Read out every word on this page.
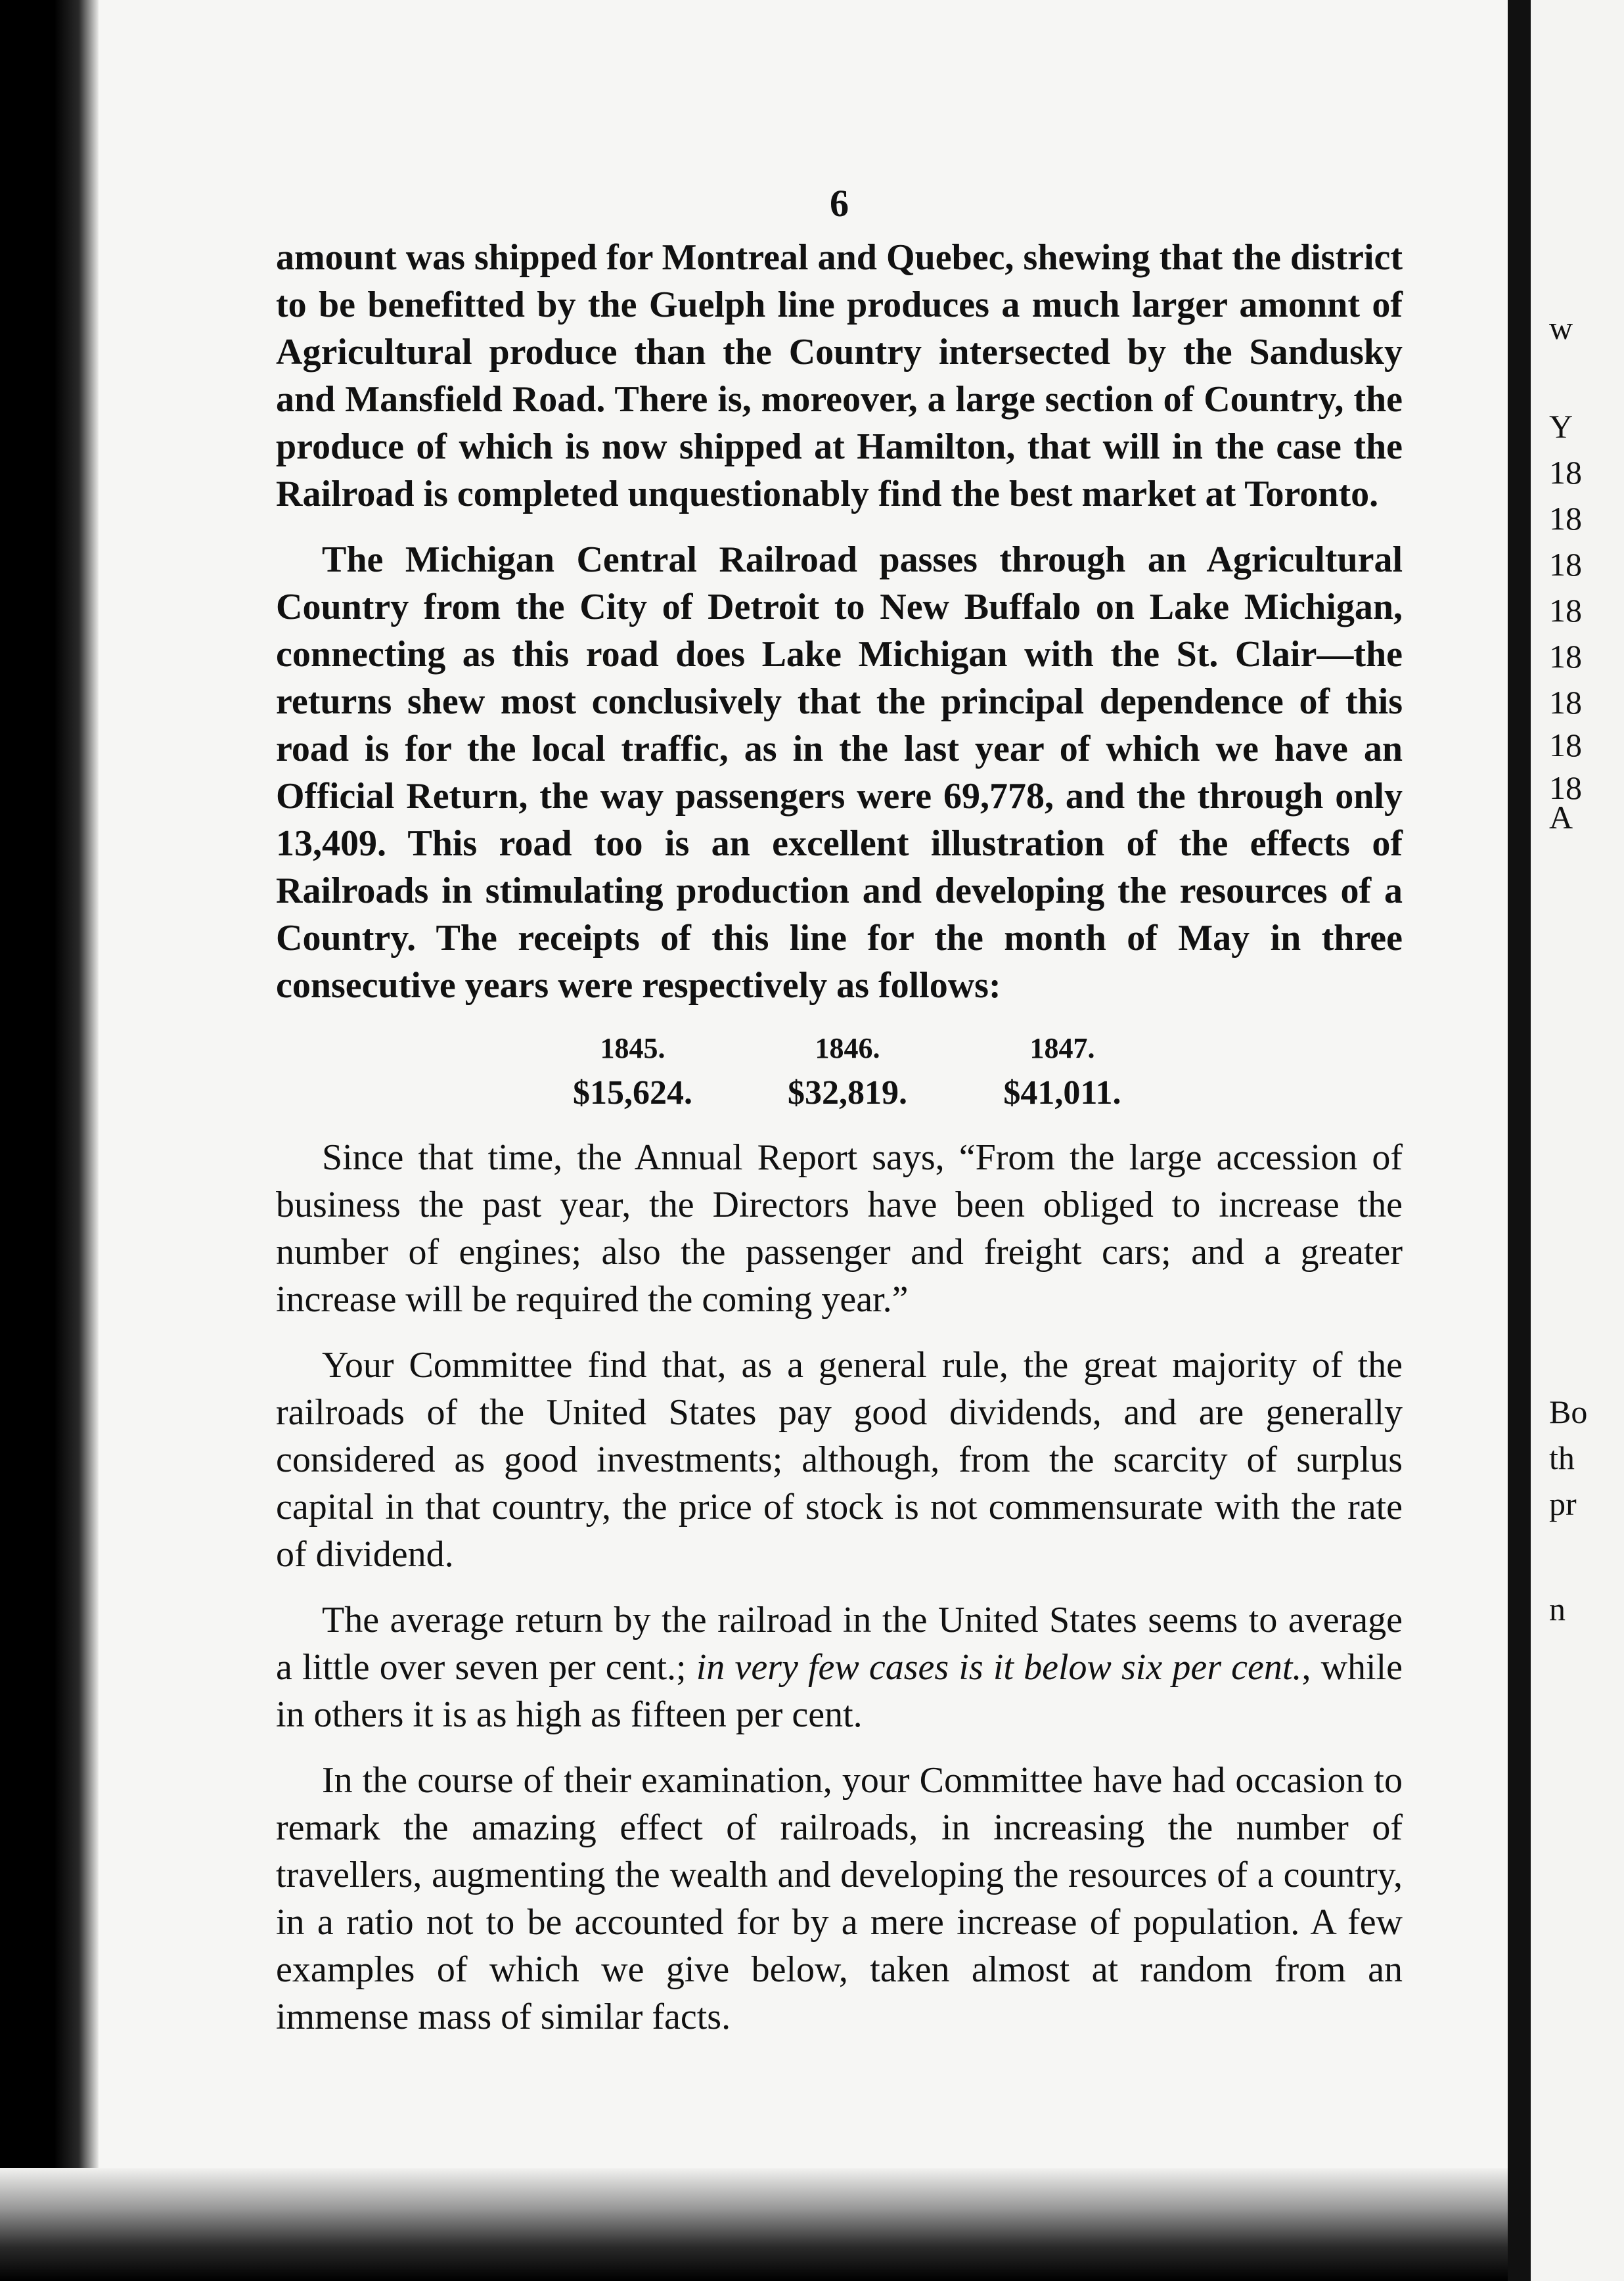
6

amount was shipped for Montreal and Quebec, shewing that the district to be benefitted by the Guelph line produces a much larger amonnt of Agricultural produce than the Country intersected by the Sandusky and Mansfield Road. There is, moreover, a large section of Country, the produce of which is now shipped at Hamilton, that will in the case the Railroad is completed unquestionably find the best market at Toronto.

The Michigan Central Railroad passes through an Agricultural Country from the City of Detroit to New Buffalo on Lake Michigan, connecting as this road does Lake Michigan with the St. Clair—the returns shew most conclusively that the principal dependence of this road is for the local traffic, as in the last year of which we have an Official Return, the way passengers were 69,778, and the through only 13,409. This road too is an excellent illustration of the effects of Railroads in stimulating production and developing the resources of a Country. The receipts of this line for the month of May in three consecutive years were respectively as follows:

1845.	1846.	1847.
$15,624.	$32,819.	$41,011.

Since that time, the Annual Report says, “From the large accession of business the past year, the Directors have been obliged to increase the number of engines; also the passenger and freight cars; and a greater increase will be required the coming year.”

Your Committee find that, as a general rule, the great majority of the railroads of the United States pay good dividends, and are generally considered as good investments; although, from the scarcity of surplus capital in that country, the price of stock is not commensurate with the rate of dividend.

The average return by the railroad in the United States seems to average a little over seven per cent.; in very few cases is it below six per cent., while in others it is as high as fifteen per cent.

In the course of their examination, your Committee have had occasion to remark the amazing effect of railroads, in increasing the number of travellers, augmenting the wealth and developing the resources of a country, in a ratio not to be accounted for by a mere increase of population. A few examples of which we give below, taken almost at random from an immense mass of similar facts.

w
Y
18
18
18
18
18
18
18
18
A
Bo
th
pr
n
